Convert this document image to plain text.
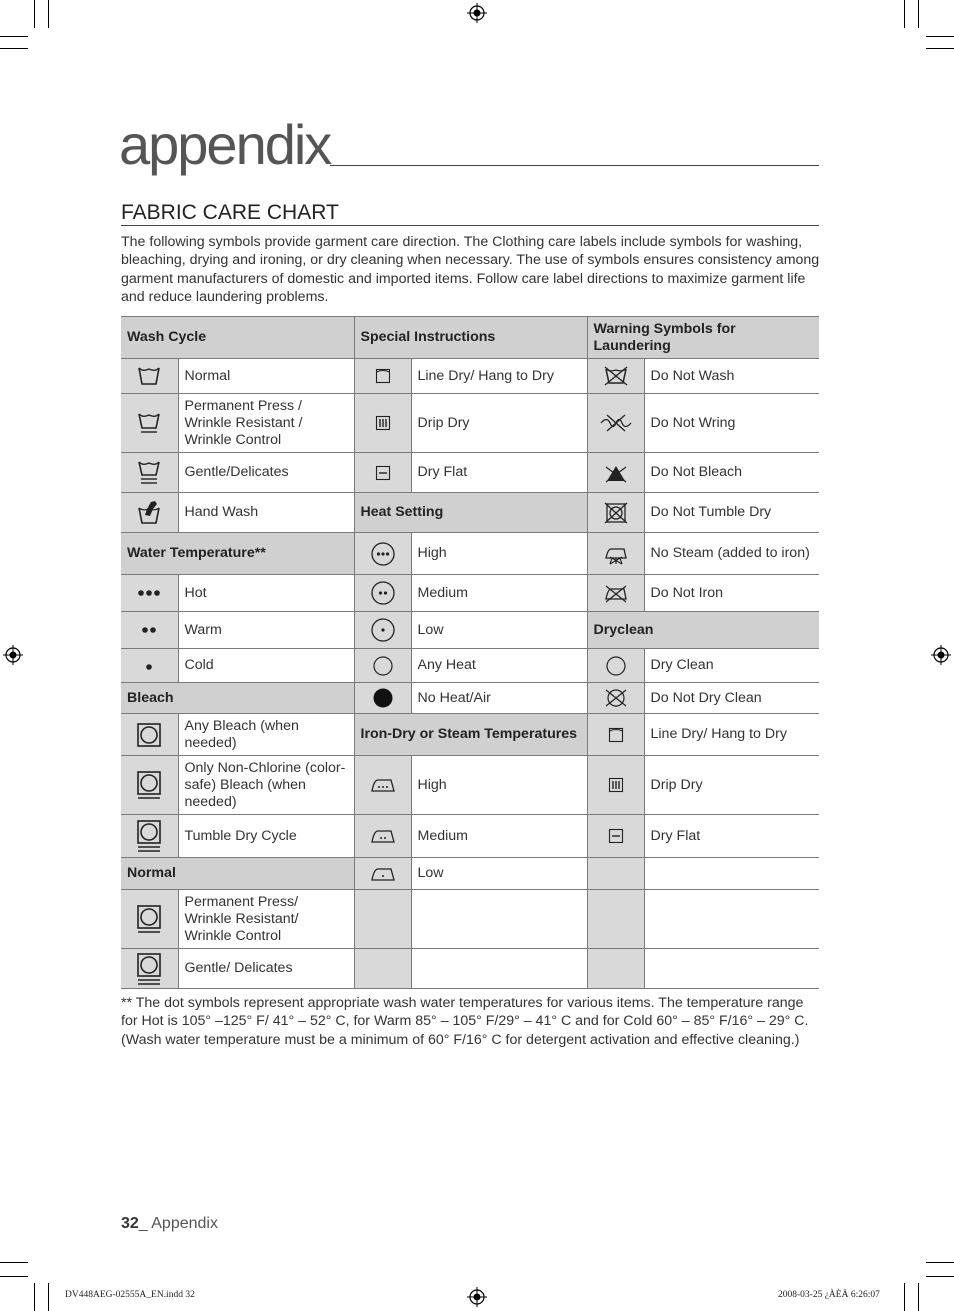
appendix
FABRIC CARE CHART
The following symbols provide garment care direction. The Clothing care labels include symbols for washing, bleaching, drying and ironing, or dry cleaning when necessary. The use of symbols ensures consistency among garment manufacturers of domestic and imported items. Follow care label directions to maximize garment life and reduce laundering problems.
Wash Cycle		Special Instructions		Warning Symbols for Laundering	

	Normal		Line Dry/ Hang to Dry		Do Not Wash

	Permanent Press / Wrinkle Resistant / Wrinkle Control		Drip Dry		Do Not Wring

	Gentle/Delicates		Dry Flat		Do Not Bleach

	Hand Wash	Heat Setting			Do Not Tumble Dry
Water Temperature**			High		No Steam (added to iron)

	Hot		Medium		Do Not Iron

	Warm		Low	Dryclean	

	Cold		Any Heat		Dry Clean
Bleach			No Heat/Air		Do Not Dry Clean

	Any Bleach (when needed)	Iron-Dry or Steam Temperatures			Line Dry/ Hang to Dry

	Only Non-Chlorine (color-safe) Bleach (when needed)		High		Drip Dry

	Tumble Dry Cycle		Medium		Dry Flat
Normal			Low		

	Permanent Press/ Wrinkle Resistant/ Wrinkle Control				

	Gentle/ Delicates				
** The dot symbols represent appropriate wash water temperatures for various items. The temperature range for Hot is 105° –125° F/ 41° – 52° C, for Warm 85° – 105° F/29° – 41° C and for Cold 60° – 85° F/16° – 29° C. (Wash water temperature must be a minimum of 60° F/16° C for detergent activation and effective cleaning.)
32_ Appendix
DV448AEG-02555A_EN.indd 32	2008-03-25 ¿ÀÈÄ 6:26:07
